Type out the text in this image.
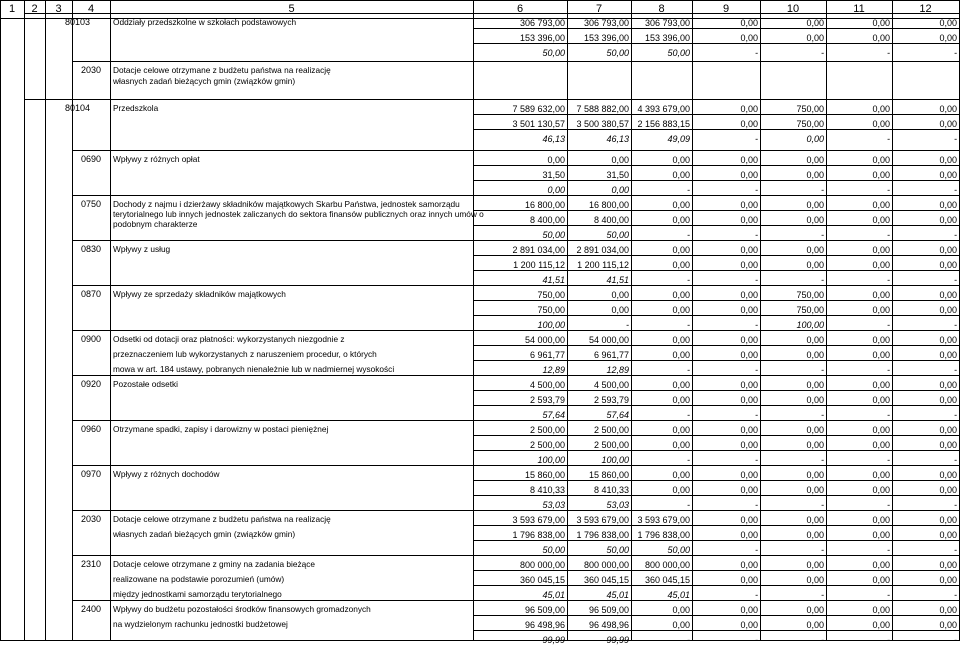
1	2	3	4	5	6	7	8	9	10	11	12
80103	Oddziały przedszkolne w szkołach podstawowych	306 793,00	306 793,00	306 793,00	0,00	0,00	0,00	0,00
153 396,00	153 396,00	153 396,00	0,00	0,00	0,00	0,00
50,00	50,00	50,00	-	-	-	-
2030	Dotacje celowe otrzymane z budżetu państwa na realizację
własnych zadań bieżących gmin (związków gmin)
80104	Przedszkola	7 589 632,00	7 588 882,00 4 393 679,00	0,00	750,00	0,00	0,00
3 501 130,57	3 500 380,57 2 156 883,15	0,00	750,00	0,00	0,00
46,13	46,13	49,09	-	0,00	-	-
0690	Wpływy z różnych opłat	0,00	0,00	0,00	0,00	0,00	0,00	0,00
31,50	31,50	0,00	0,00	0,00	0,00	0,00
0,00	0,00	-	-	-	-	-
0750	Dochody z najmu i dzierżawy składników majątkowych Skarbu Państwa, jednostek samorządu
terytorialnego lub innych jednostek zaliczanych do sektora finansów publicznych oraz innych umów o
podobnym charakterze
16 800,00	16 800,00	0,00	0,00	0,00	0,00	0,00
8 400,00	8 400,00	0,00	0,00	0,00	0,00	0,00
50,00	50,00	-	-	-	-	-
0830	Wpływy z usług	2 891 034,00	2 891 034,00	0,00	0,00	0,00	0,00	0,00
1 200 115,12	1 200 115,12	0,00	0,00	0,00	0,00	0,00
41,51	41,51	-	-	-	-	-
0870	Wpływy ze sprzedaży składników majątkowych	750,00	0,00	0,00	0,00	750,00	0,00	0,00
750,00	0,00	0,00	0,00	750,00	0,00	0,00
100,00	-	-	-	100,00	-	-
0900	Odsetki od dotacji oraz płatności: wykorzystanych niezgodnie z
przeznaczeniem lub wykorzystanych z naruszeniem procedur, o których
mowa w art. 184 ustawy, pobranych nienależnie lub w nadmiernej wysokości
54 000,00	54 000,00	0,00	0,00	0,00	0,00	0,00
6 961,77	6 961,77	0,00	0,00	0,00	0,00	0,00
12,89	12,89	-	-	-	-	-
0920	Pozostałe odsetki	4 500,00	4 500,00	0,00	0,00	0,00	0,00	0,00
2 593,79	2 593,79	0,00	0,00	0,00	0,00	0,00
57,64	57,64	-	-	-	-	-
0960	Otrzymane spadki, zapisy i darowizny w postaci pieniężnej	2 500,00	2 500,00	0,00	0,00	0,00	0,00	0,00
2 500,00	2 500,00	0,00	0,00	0,00	0,00	0,00
100,00	100,00	-	-	-	-	-
0970	Wpływy z różnych dochodów	15 860,00	15 860,00	0,00	0,00	0,00	0,00	0,00
8 410,33	8 410,33	0,00	0,00	0,00	0,00	0,00
53,03	53,03	-	-	-	-	-
2030	Dotacje celowe otrzymane z budżetu państwa na realizację
własnych zadań bieżących gmin (związków gmin)
3 593 679,00	3 593 679,00 3 593 679,00	0,00	0,00	0,00	0,00
1 796 838,00	1 796 838,00 1 796 838,00	0,00	0,00	0,00	0,00
50,00	50,00	50,00	-	-	-	-
2310	Dotacje celowe otrzymane z gminy na zadania bieżące
realizowane na podstawie porozumień (umów)
między jednostkami samorządu terytorialnego
800 000,00	800 000,00	800 000,00	0,00	0,00	0,00	0,00
360 045,15	360 045,15	360 045,15	0,00	0,00	0,00	0,00
45,01	45,01	45,01	-	-	-	-
2400	Wpływy do budżetu pozostałości środków finansowych gromadzonych
na wydzielonym rachunku jednostki budżetowej
96 509,00	96 509,00	0,00	0,00	0,00	0,00	0,00
96 498,96	96 498,96	0,00	0,00	0,00	0,00	0,00
99,99	99,99	-	-	-	-	-
